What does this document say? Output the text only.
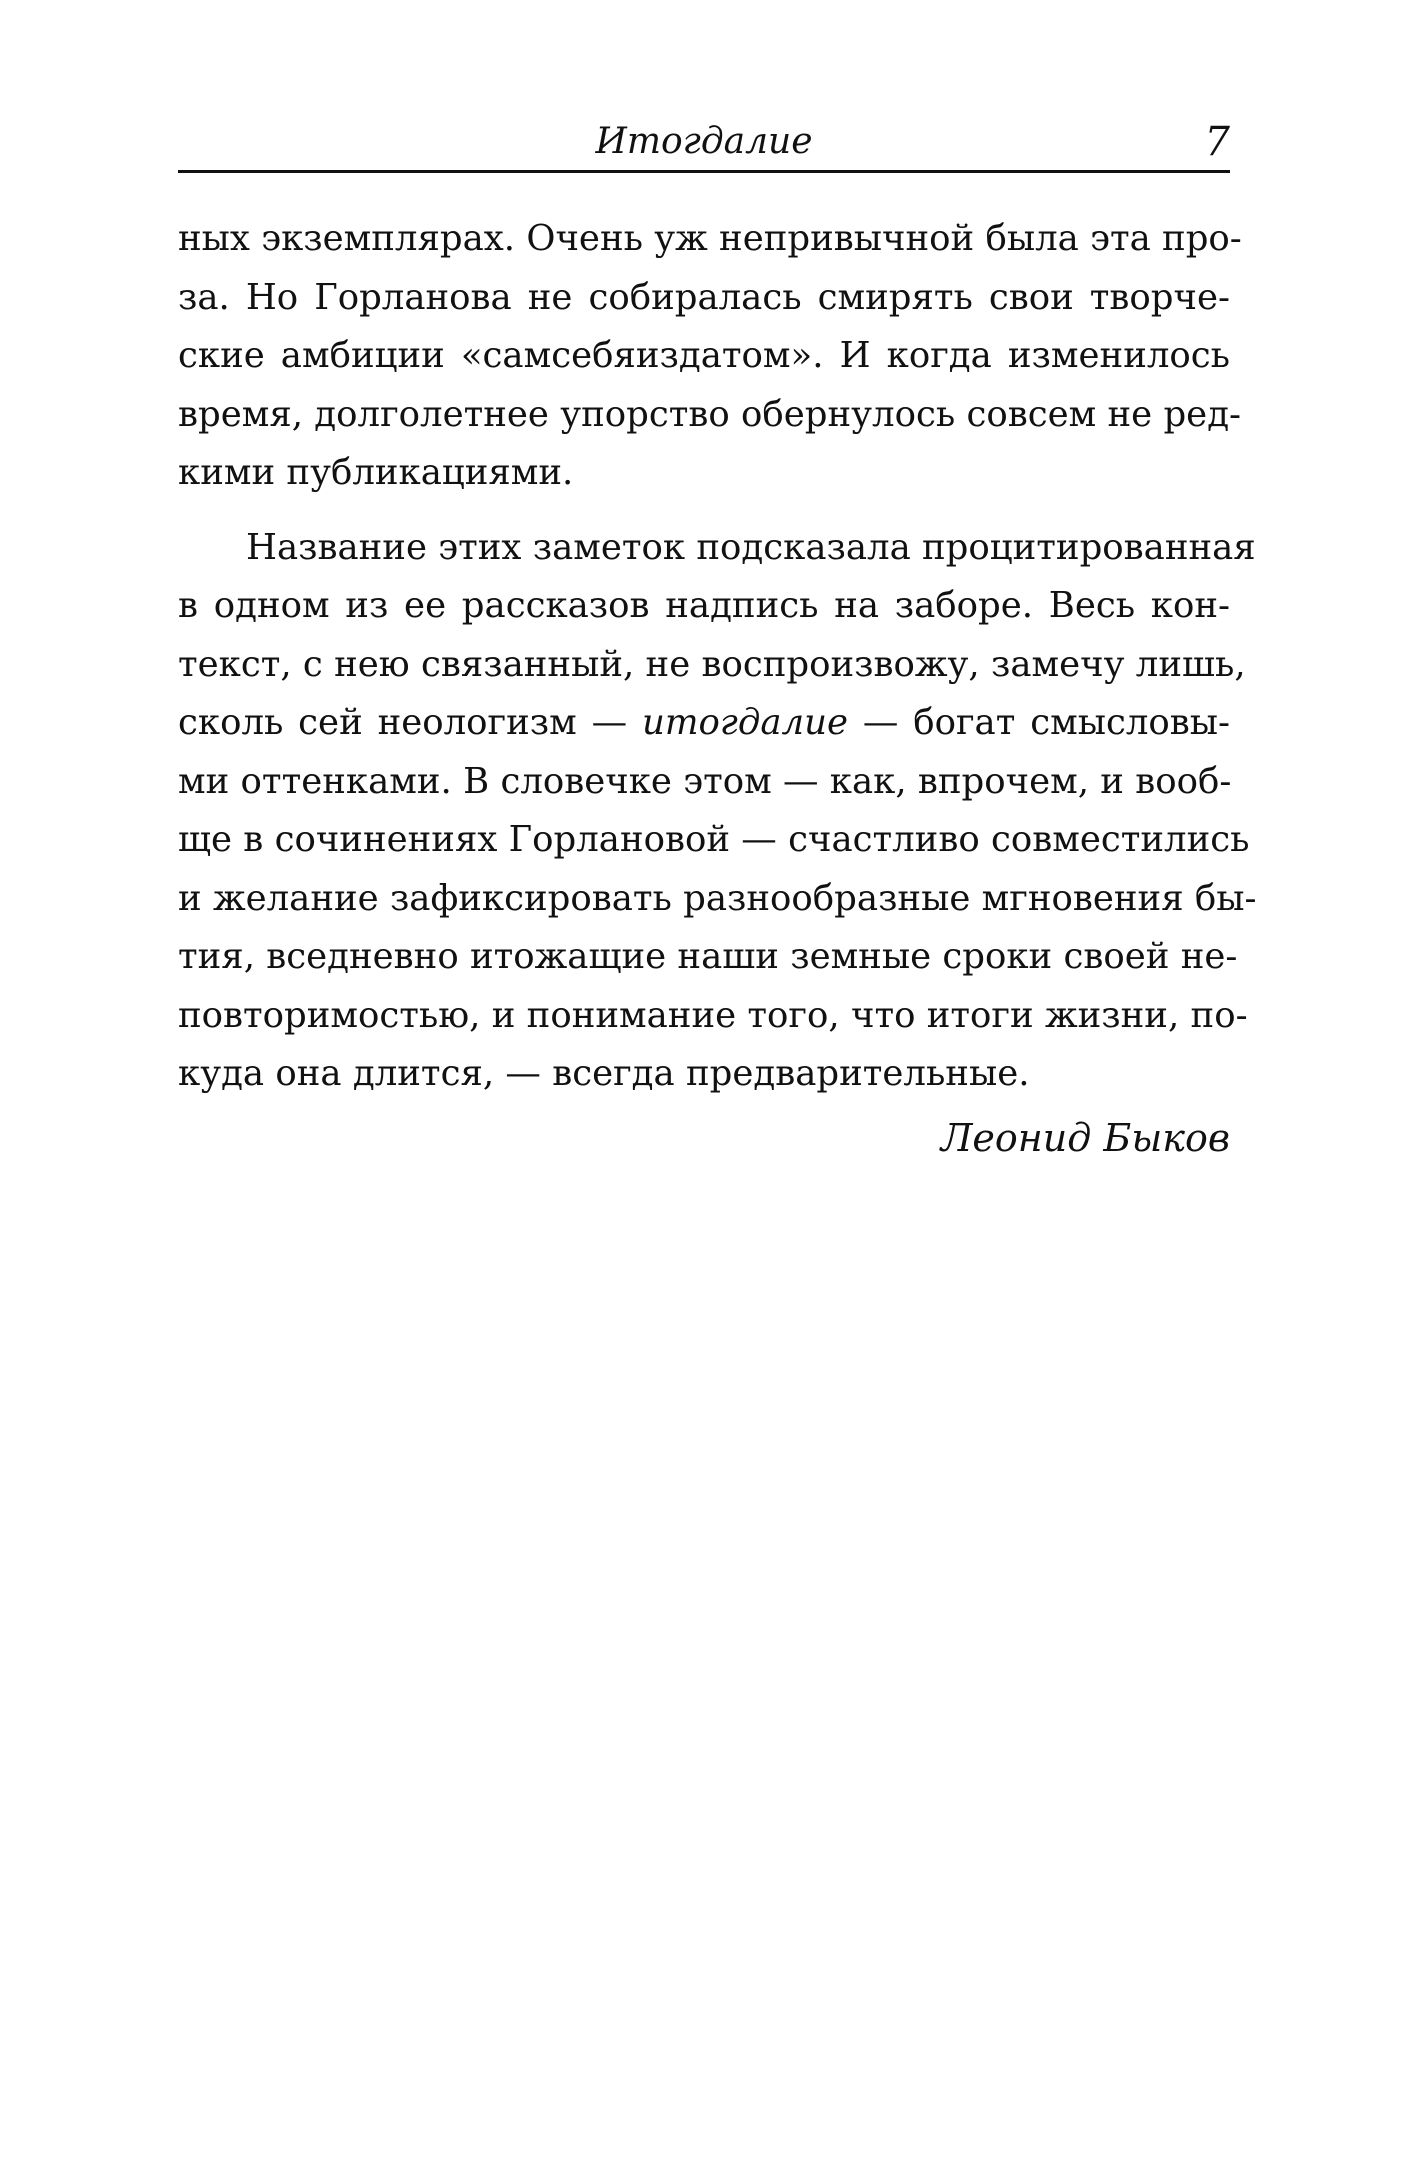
Итогдалие	7
ных экземплярах. Очень уж непривычной была эта про-
за. Но Горланова не собиралась смирять свои творче-
ские амбиции «самсебяиздатом». И когда изменилось
время, долголетнее упорство обернулось совсем не ред-
кими публикациями.
Название этих заметок подсказала процитированная
в одном из ее рассказов надпись на заборе. Весь кон-
текст, с нею связанный, не воспроизвожу, замечу лишь,
сколь сей неологизм — итогдалие — богат смысловы-
ми оттенками. В словечке этом — как, впрочем, и вооб-
ще в сочинениях Горлановой — счастливо совместились
и желание зафиксировать разнообразные мгновения бы-
тия, вседневно итожащие наши земные сроки своей не-
повторимостью, и понимание того, что итоги жизни, по-
куда она длится, — всегда предварительные.
Леонид Быков
